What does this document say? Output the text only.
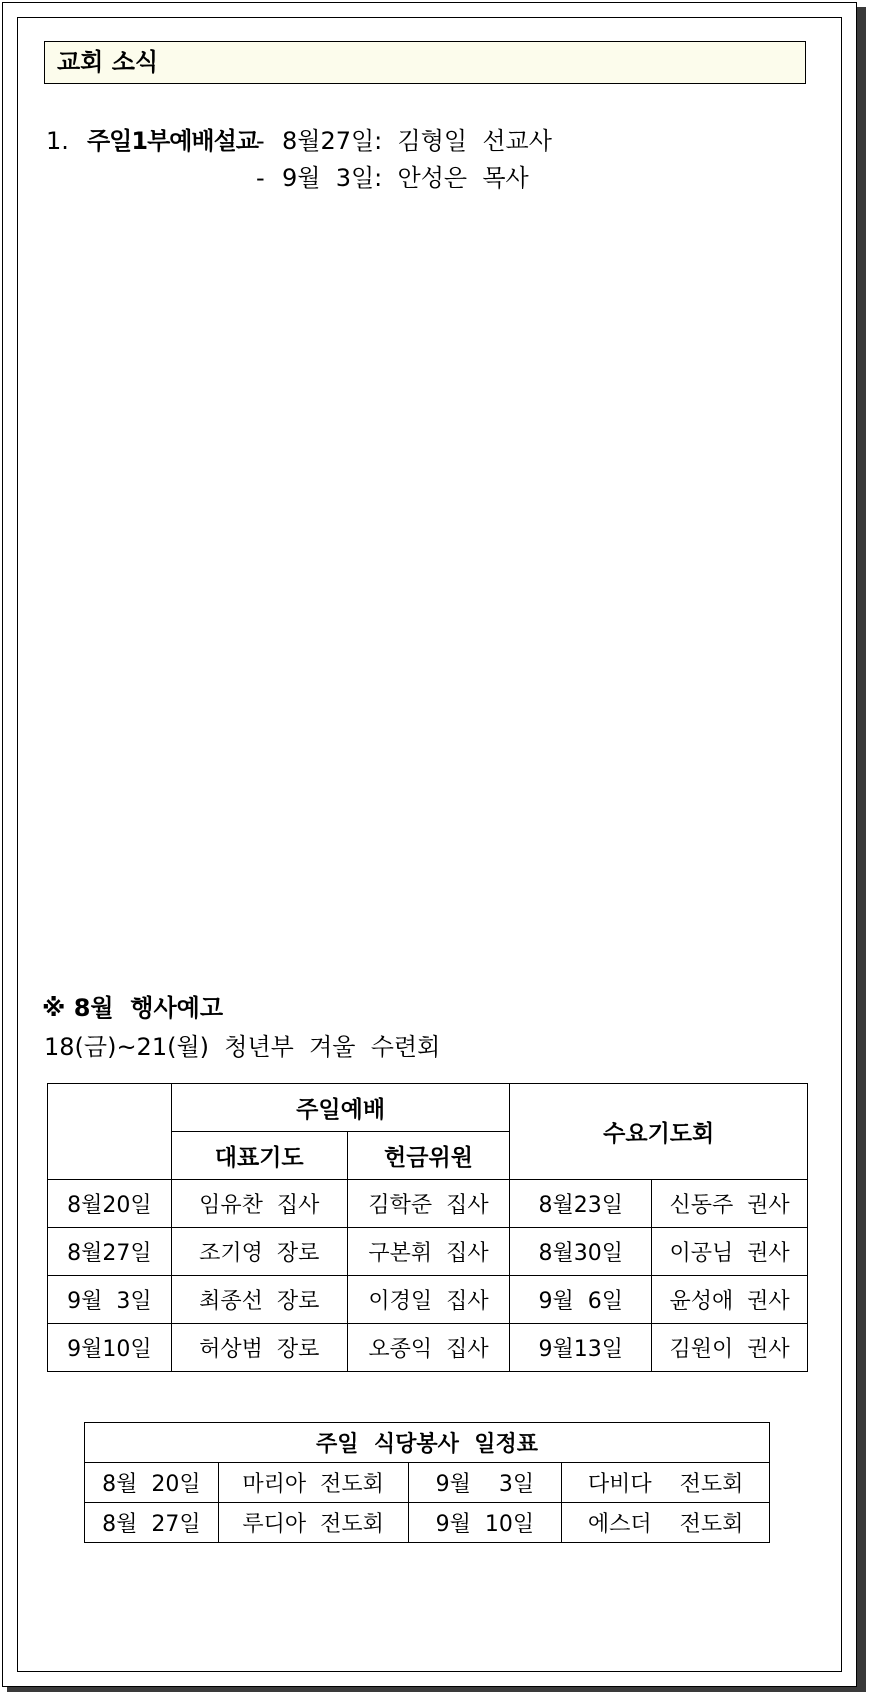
교회 소식
1. 주일1부예배설교
- 8월27일:  김형일  선교사
- 9월  3일:  안성은  목사
※ 8월  행사예고
18(금)~21(월)  청년부  겨울  수련회
	주일예배		수요기도회	
	대표기도	헌금위원		
8월20일	임유찬  집사	김학준  집사	8월23일	신동주  권사
8월27일	조기영  장로	구본휘  집사	8월30일	이공님  권사
9월  3일	최종선  장로	이경일  집사	9월  6일	윤성애  권사
9월10일	허상범  장로	오종익  집사	9월13일	김원이  권사
주일  식당봉사  일정표			
8월  20일	마리아  전도회	9월    3일	다비다    전도회
8월  27일	루디아  전도회	9월  10일	에스더    전도회
